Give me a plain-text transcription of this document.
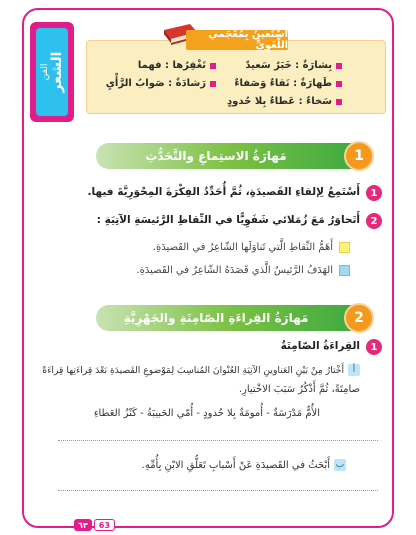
الفن الشعر
أَسْتَعينُ بِمُعْجَمي اللُّغَوِيِّ
بِشارَةٌ : خَبَرٌ سَعيدٌ
تَغْفِرُها : فهما
طَهارَةٌ : نَقاءٌ وَصَفاءٌ
رَشادَةٌ : صَوابُ الرَّأْيِ
سَخاءٌ : عَطاءٌ بِلا حُدودٍ
مَهارَةُ الاستِماعِ والتَّحَدُّثِ	1
1
أَسْتَمِعُ لِإلقاءِ القَصيدَةِ، ثُمَّ أُحَدِّدُ الفِكْرَةَ المِحْوَرِيَّةَ فيها.
2
أَتَحاوَرُ مَعَ زُمَلائي شَفَوِيًّا في النِّقاطِ الرَّئيسَةِ الآتِيَةِ :
أَهَمُّ النِّقاطِ الَّتي تَناوَلَها الشّاعِرُ في القَصيدَةِ.
الهَدَفُ الرَّئيسُ الَّذي قَصَدَهُ الشّاعِرُ في القَصيدَةِ.
مَهارَةُ القِراءَةِ الصّامِتَةِ والجَهْرِيَّةِ	2
1
القِراءَةُ الصّامِتَةُ
أ
أَخْتارُ مِنْ بَيْنِ العَناوينِ الآتِيَةِ العُنْوانَ المُناسِبَ لِمَوْضوعِ القَصيدَةِ بَعْدَ قِراءَتِها قِراءَةً
صامِتَةً، ثُمَّ أَذْكُرُ سَبَبَ الاخْتيارِ.
الأُمُّ مَدْرَسَةٌ - أُمومَةٌ بِلا حُدودٍ - أُمّي الحَبيبَةُ - كَنْزُ العَطاءِ
ب
أَبْحَثُ في القَصيدَةِ عَنْ أَسْبابِ تَعَلُّقِ الابْنِ بِأُمِّهِ.
٦٣	63
